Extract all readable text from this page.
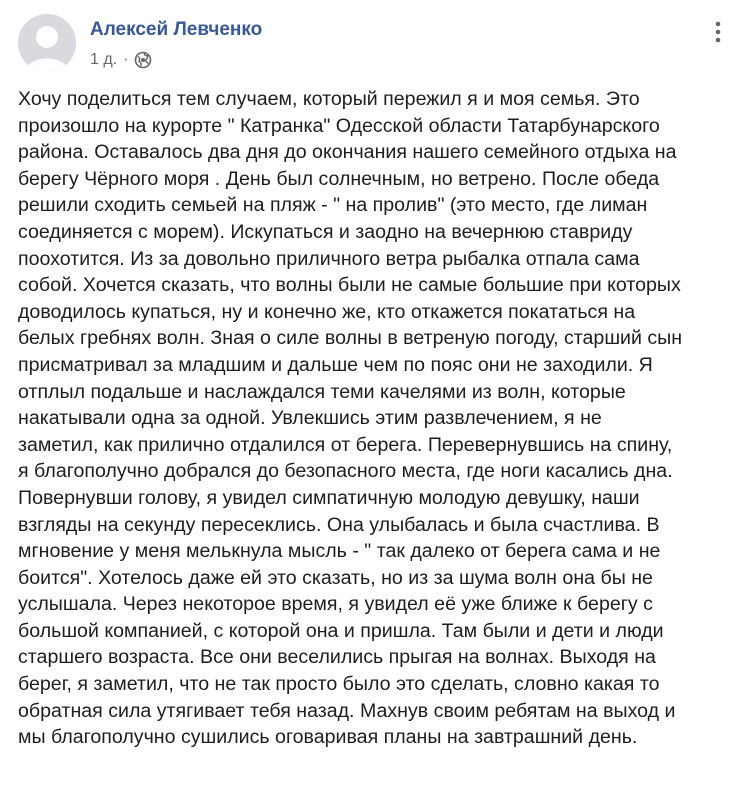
Алексей Левченко
1 д. ·
Хочу поделиться тем случаем, который пережил я и моя семья. Это
произошло на курорте " Катранка" Одесской области Татарбунарского
района. Оставалось два дня до окончания нашего семейного отдыха на
берегу Чёрного моря . День был солнечным, но ветрено. После обеда
решили сходить семьей на пляж - " на пролив" (это место, где лиман
соединяется с морем). Искупаться и заодно на вечернюю ставриду
поохотится. Из за довольно приличного ветра рыбалка отпала сама
собой. Хочется сказать, что волны были не самые большие при которых
доводилось купаться, ну и конечно же, кто откажется покататься на
белых гребнях волн. Зная о силе волны в ветреную погоду, старший сын
присматривал за младшим и дальше чем по пояс они не заходили. Я
отплыл подальше и наслаждался теми качелями из волн, которые
накатывали одна за одной. Увлекшись этим развлечением, я не
заметил, как прилично отдалился от берега. Перевернувшись на спину,
я благополучно добрался до безопасного места, где ноги касались дна.
Повернувши голову, я увидел симпатичную молодую девушку, наши
взгляды на секунду пересеклись. Она улыбалась и была счастлива. В
мгновение у меня мелькнула мысль - " так далеко от берега сама и не
боится". Хотелось даже ей это сказать, но из за шума волн она бы не
услышала. Через некоторое время, я увидел её уже ближе к берегу с
большой компанией, с которой она и пришла. Там были и дети и люди
старшего возраста. Все они веселились прыгая на волнах. Выходя на
берег, я заметил, что не так просто было это сделать, словно какая то
обратная сила утягивает тебя назад. Махнув своим ребятам на выход и
мы благополучно сушились оговаривая планы на завтрашний день.
